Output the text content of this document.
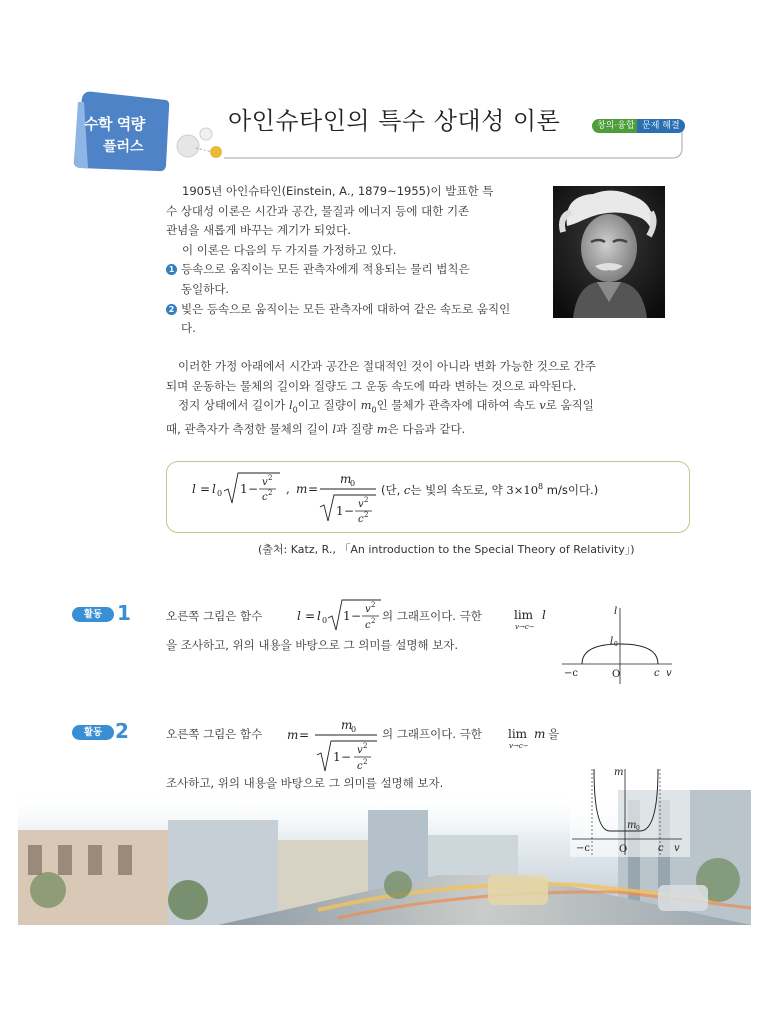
수학 역량
플러스
아인슈타인의 특수 상대성 이론	창의·융합 문제 해결
1905년 아인슈타인(Einstein, A., 1879~1955)이 발표한 특
수 상대성 이론은 시간과 공간, 물질과 에너지 등에 대한 기존
관념을 새롭게 바꾸는 계기가 되었다.
이 이론은 다음의 두 가지를 가정하고 있다.
1 등속으로 움직이는 모든 관측자에게 적용되는 물리 법칙은
동일하다.
2 빛은 등속으로 움직이는 모든 관측자에 대하여 같은 속도로 움직인
다.
이러한 가정 아래에서 시간과 공간은 절대적인 것이 아니라 변화 가능한 것으로 간주
되며 운동하는 물체의 길이와 질량도 그 운동 속도에 따라 변하는 것으로 파악된다.
정지 상태에서 길이가 $l_0$이고 질량이 $m_0$인 물체가 관측자에 대하여 속도 v로 움직일
때, 관측자가 측정한 물체의 길이 l과 질량 m은 다음과 같다.
l = l 0 1 − v 2
c 2 , m =
m
0
1 − v 2
c 2
(단, c는 빛의 속도로, 약 $3\times 10^8$ m/s이다.)
(출처: Katz, R., 「An introduction to the Special Theory of Relativity」)
활동 1	오른쪽 그림은 함수	l = l 0 1 − v 2
c 2 의 그래프이다. 극한	lim l
v→c−
을 조사하고, 위의 내용을 바탕으로 그 의미를 설명해 보자.
l
l 0
−c	O	c v
활동 2	오른쪽 그림은 함수 m =
m
0
1 − v 2
c 2
의 그래프이다. 극한 lim m
v→c−
을
조사하고, 위의 내용을 바탕으로 그 의미를 설명해 보자.
m
m 0
−c	O	c v
